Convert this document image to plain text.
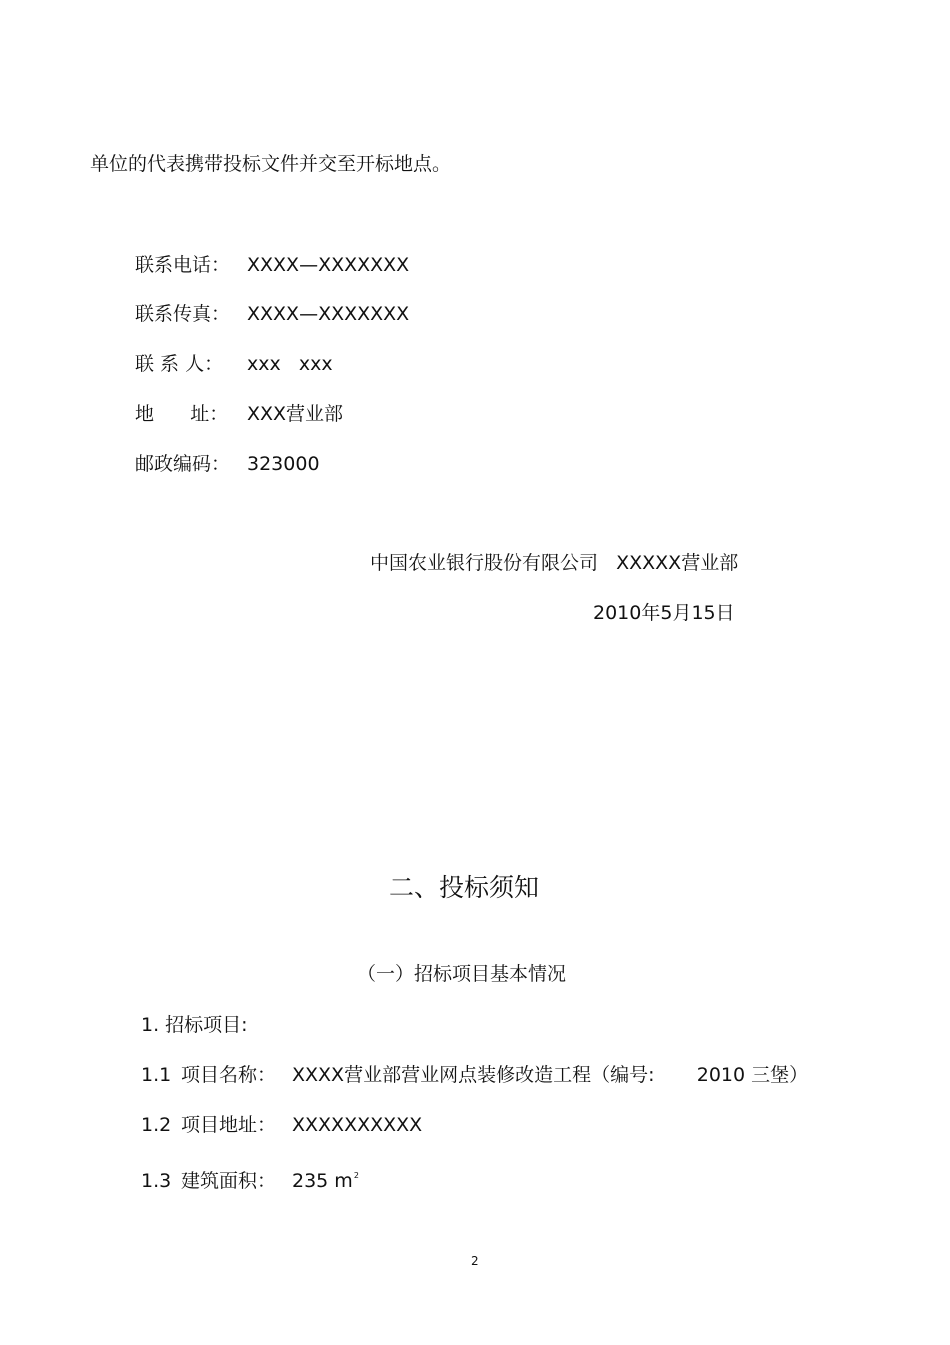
单位的代表携带投标文件并交至开标地点。
联系电话： XXXX—XXXXXXX
联系传真： XXXX—XXXXXXX
联 系 人： xxx   xxx
地      址： XXX营业部
邮政编码： 323000
中国农业银行股份有限公司   XXXXX营业部
2010年5月15日
二、投标须知
（一）招标项目基本情况
1. 招标项目:
1.1 项目名称： XXXX营业部营业网点装修改造工程（编号:       2010 三堡）
1.2 项目地址： XXXXXXXXXX
1.3 建筑面积： 235 $m^2$
2
